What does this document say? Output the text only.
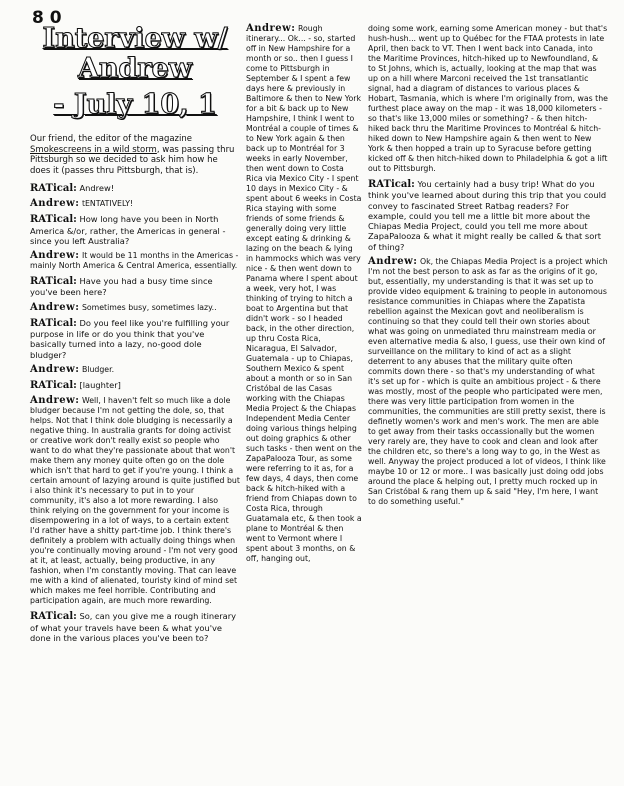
8 0
Interview w/ Andrew
- July 10, 1

Our friend, the editor of the magazine Smokescreens in a wild storm, was passing thru Pittsburgh so we decided to ask him how he does it (passes thru Pittsburgh, that is).

RATical: Andrew!

Andrew: tENTATIVELY!

RATical: How long have you been in North America &/or, rather, the Americas in general - since you left Australia?

Andrew: It would be 11 months in the Americas - mainly North America & Central America, essentially.

RATical: Have you had a busy time since you've been here?

Andrew: Sometimes busy, sometimes lazy..

RATical: Do you feel like you're fulfilling your purpose in life or do you think that you've basically turned into a lazy, no-good dole bludger?

Andrew: Bludger.

RATical: [laughter]

Andrew: Well, I haven't felt so much like a dole bludger because I'm not getting the dole, so, that helps. Not that I think dole bludging is necessarily a negative thing. In australia grants for doing activist or creative work don't really exist so people who want to do what they're passionate about that won't make them any money quite often go on the dole which isn't that hard to get if you're young. I think a certain amount of lazying around is quite justified but i also think it's necessary to put in to your community, it's also a lot more rewarding. I also think relying on the government for your income is disempowering in a lot of ways, to a certain extent I'd rather have a shitty part-time job. I think there's definitely a problem with actually doing things when you're continually moving around - I'm not very good at it, at least, actually, being productive, in any fashion, when I'm constantly moving. That can leave me with a kind of alienated, touristy kind of mind set which makes me feel horrible. Contributing and participation again, are much more rewarding.

RATical: So, can you give me a rough itinerary of what your travels have been & what you've done in the various places you've been to?

Andrew: Rough itinerary... Ok... - so, started off in New Hampshire for a month or so.. then I guess I come to Pittsburgh in September & I spent a few days here & previously in Baltimore & then to New York for a bit & back up to New Hampshire, I think I went to Montréal a couple of times & to New York again & then back up to Montréal for 3 weeks in early November, then went down to Costa Rica via Mexico City - I spent 10 days in Mexico City - & spent about 6 weeks in Costa Rica staying with some friends of some friends & generally doing very little except eating & drinking & lazing on the beach & lying in hammocks which was very nice - & then went down to Panama where I spent about a week, very hot, I was thinking of trying to hitch a boat to Argentina but that didn't work - so I headed back, in the other direction, up thru Costa Rica, Nicaragua, El Salvador, Guatemala - up to Chiapas, Southern Mexico & spent about a month or so in San Cristóbal de las Casas working with the Chiapas Media Project & the Chiapas Independent Media Center doing various things helping out doing graphics & other such tasks - then went on the ZapaPalooza Tour, as some were referring to it as, for a few days, 4 days, then come back & hitch-hiked with a friend from Chiapas down to Costa Rica, through Guatamala etc, & then took a plane to Montréal & then went to Vermont where I spent about 3 months, on & off, hanging out,

doing some work, earning some American money - but that's hush-hush... went up to Québec for the FTAA protests in late April, then back to VT. Then I went back into Canada, into the Maritime Provinces, hitch-hiked up to Newfoundland, & to St Johns, which is, actually, looking at the map that was up on a hill where Marconi received the 1st transatlantic signal, had a diagram of distances to various places & Hobart, Tasmania, which is where I'm originally from, was the furthest place away on the map - it was 18,000 kilometers - so that's like 13,000 miles or something? - & then hitch-hiked back thru the Maritime Provinces to Montréal & hitch-hiked down to New Hampshire again & then went to New York & then hopped a train up to Syracuse before getting kicked off & then hitch-hiked down to Philadelphia & got a lift out to Pittsburgh.

RATical: You certainly had a busy trip! What do you think you've learned about during this trip that you could convey to fascinated Street Ratbag readers? For example, could you tell me a little bit more about the Chiapas Media Project, could you tell me more about ZapaPalooza & what it might really be called & that sort of thing?

Andrew: Ok, the Chiapas Media Project is a project which I'm not the best person to ask as far as the origins of it go, but, essentially, my understanding is that it was set up to provide video equipment & training to people in autonomous resistance communities in Chiapas where the Zapatista rebellion against the Mexican govt and neoliberalism is continuing so that they could tell their own stories about what was going on unmediated thru mainstream media or even alternative media & also, I guess, use their own kind of surveillance on the military to kind of act as a slight deterrent to any abuses that the military quite often commits down there - so that's my understanding of what it's set up for - which is quite an ambitious project - & there was mostly, most of the people who participated were men, there was very little participation from women in the communities, the communities are still pretty sexist, there is definetly women's work and men's work. The men are able to get away from their tasks occassionally but the women very rarely are, they have to cook and clean and look after the children etc, so there's a long way to go, in the West as well. Anyway the project produced a lot of videos, I think like maybe 10 or 12 or more.. I was basically just doing odd jobs around the place & helping out, I pretty much rocked up in San Cristóbal & rang them up & said "Hey, I'm here, I want to do something useful."
